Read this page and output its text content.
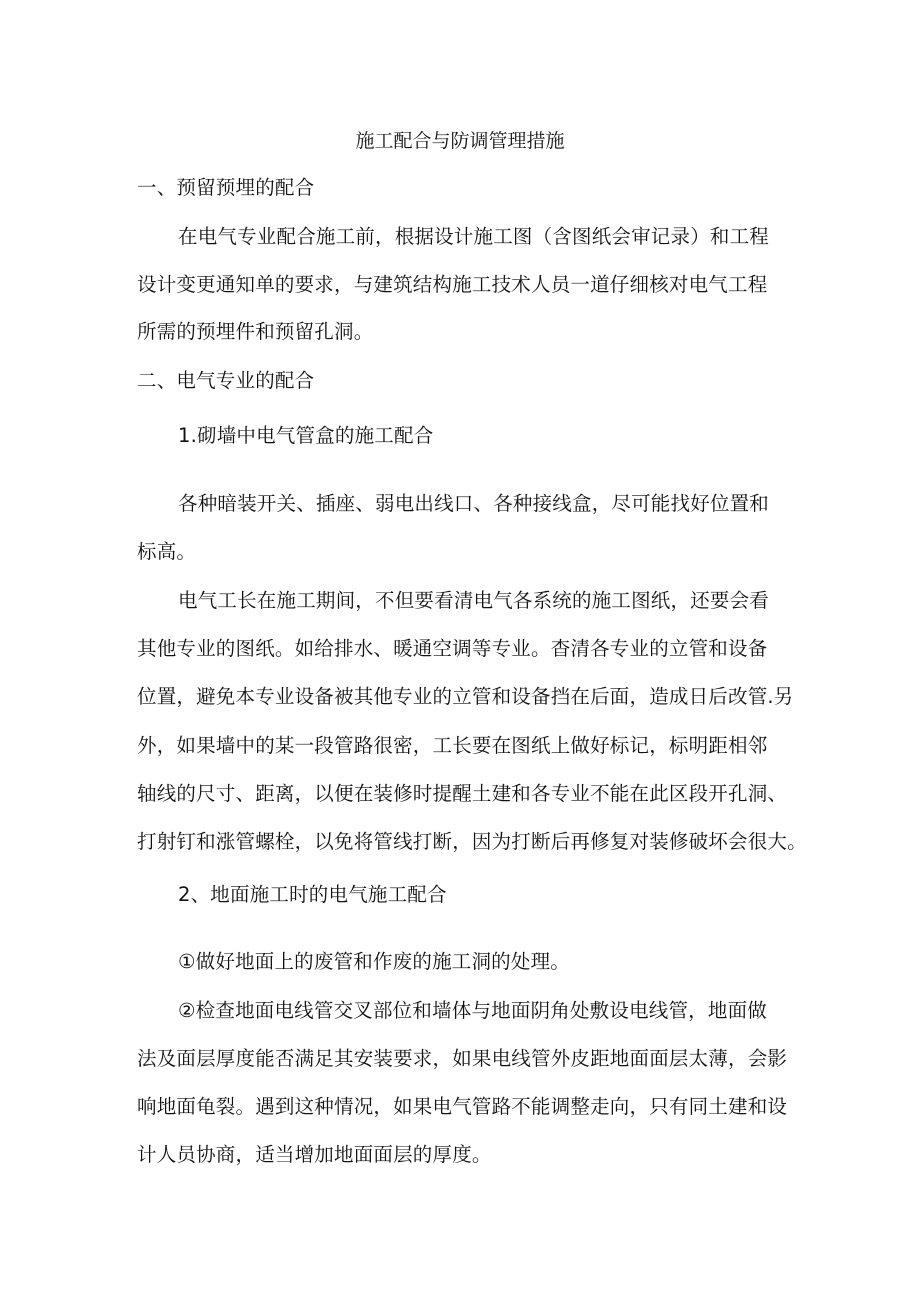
施工配合与防调管理措施
一、预留预埋的配合
在电气专业配合施工前，根据设计施工图（含图纸会审记录）和工程
设计变更通知单的要求，与建筑结构施工技术人员一道仔细核对电气工程
所需的预埋件和预留孔洞。
二、电气专业的配合
1.砌墙中电气管盒的施工配合
各种暗装开关、插座、弱电出线口、各种接线盒，尽可能找好位置和
标高。
电气工长在施工期间，不但要看清电气各系统的施工图纸，还要会看
其他专业的图纸。如给排水、暖通空调等专业。杳清各专业的立管和设备
位置，避免本专业设备被其他专业的立管和设备挡在后面，造成日后改管.另
外，如果墙中的某一段管路很密，工长要在图纸上做好标记，标明距相邻
轴线的尺寸、距离，以便在装修时提醒土建和各专业不能在此区段开孔洞、
打射钉和涨管螺栓，以免将管线打断，因为打断后再修复对装修破坏会很大。
2、地面施工时的电气施工配合
①做好地面上的废管和作废的施工洞的处理。
②检查地面电线管交叉部位和墙体与地面阴角处敷设电线管，地面做
法及面层厚度能否满足其安装要求，如果电线管外皮距地面面层太薄，会影
响地面龟裂。遇到这种情况，如果电气管路不能调整走向，只有同土建和设
计人员协商，适当增加地面面层的厚度。
